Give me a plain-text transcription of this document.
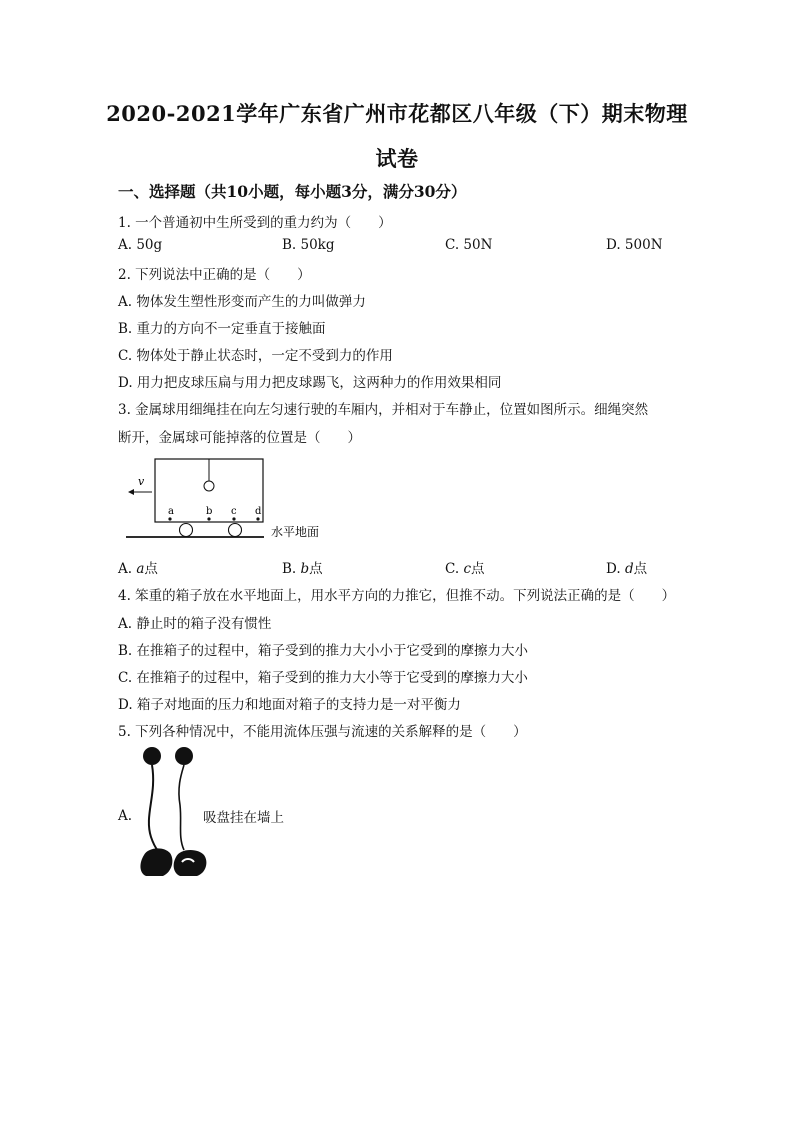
2020-2021学年广东省广州市花都区八年级（下）期末物理
试卷
一、选择题（共10小题，每小题3分，满分30分）
1. 一个普通初中生所受到的重力约为（　　）
A. 50g	B. 50kg	C. 50N	D. 500N
2. 下列说法中正确的是（　　）
A. 物体发生塑性形变而产生的力叫做弹力
B. 重力的方向不一定垂直于接触面
C. 物体处于静止状态时，一定不受到力的作用
D. 用力把皮球压扁与用力把皮球踢飞，这两种力的作用效果相同
3. 金属球用细绳挂在向左匀速行驶的车厢内，并相对于车静止，位置如图所示。细绳突然
断开，金属球可能掉落的位置是（　　）
v
a	b c d
水平地面
A. a点	B. b点	C. c点	D. d点
4. 笨重的箱子放在水平地面上，用水平方向的力推它，但推不动。下列说法正确的是（　　）
A. 静止时的箱子没有惯性
B. 在推箱子的过程中，箱子受到的推力大小小于它受到的摩擦力大小
C. 在推箱子的过程中，箱子受到的推力大小等于它受到的摩擦力大小
D. 箱子对地面的压力和地面对箱子的支持力是一对平衡力
5. 下列各种情况中，不能用流体压强与流速的关系解释的是（　　）
A.	吸盘挂在墙上
